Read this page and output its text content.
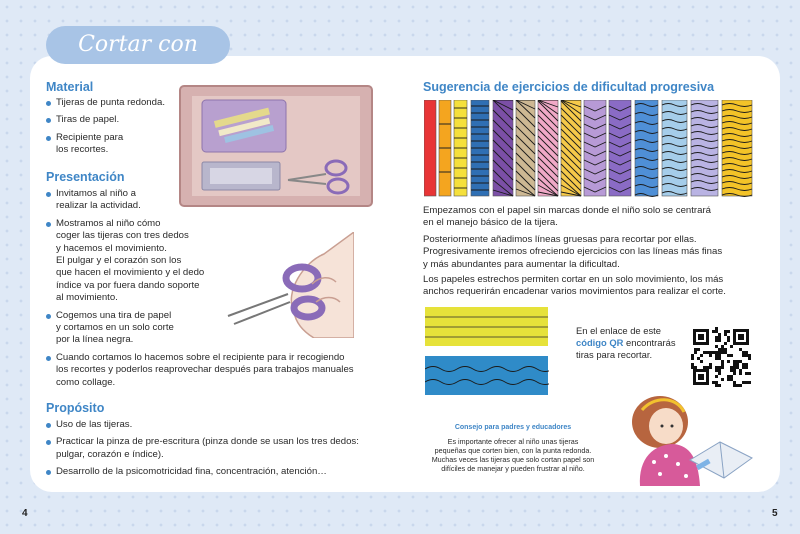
Cortar con tijeras
Material
Tijeras de punta redonda.
Tiras de papel.
Recipiente para
los recortes.
Presentación
Invitamos al niño a
realizar la actividad.
Mostramos al niño cómo
coger las tijeras con tres dedos
y hacemos el movimiento.
El pulgar y el corazón son los
que hacen el movimiento y el dedo
índice va por fuera dando soporte
al movimiento.
Cogemos una tira de papel
y cortamos en un solo corte
por la línea negra.
Cuando cortamos lo hacemos sobre el recipiente para ir recogiendo
los recortes y poderlos reaprovechar después para trabajos manuales
como collage.
Propósito
Uso de las tijeras.
Practicar la pinza de pre-escritura (pinza donde se usan los tres dedos:
pulgar, corazón e índice).
Desarrollo de la psicomotricidad fina, concentración, atención…
Sugerencia de ejercicios de dificultad progresiva

Empezamos con el papel sin marcas donde el niño solo se centrará
en el manejo básico de la tijera.

Posteriormente añadimos líneas gruesas para recortar por ellas.
Progresivamente iremos ofreciendo ejercicios con las líneas más finas
y más abundantes para aumentar la dificultad.

Los papeles estrechos permiten cortar en un solo movimiento, los más
anchos requerirán encadenar varios movimientos para realizar el corte.

En el enlace de este
código QR encontrarás
tiras para recortar.
Consejo para padres y educadores
Es importante ofrecer al niño unas tijeras
pequeñas que corten bien, con la punta redonda.
Muchas veces las tijeras que solo cortan papel son
difíciles de manejar y pueden frustrar al niño.
4	5
